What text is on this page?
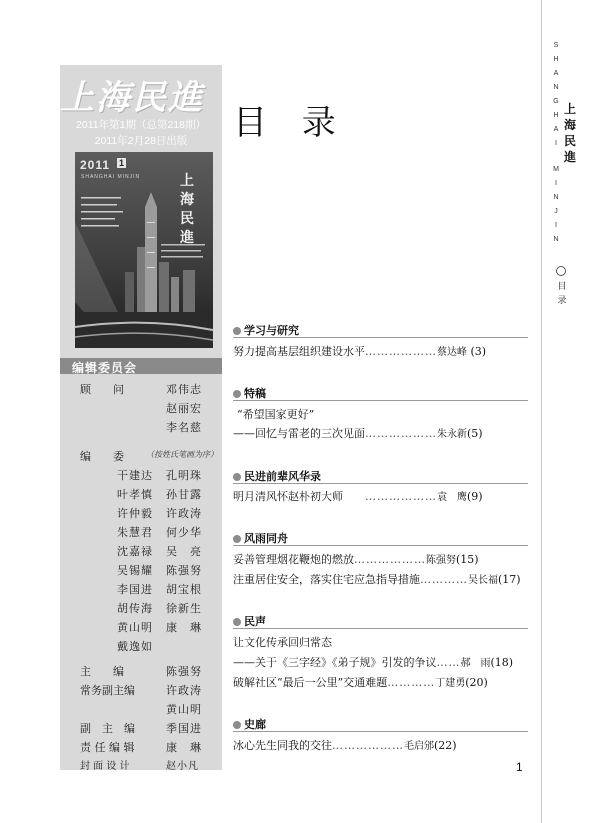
上海民進
2011年第1期（总第218期）
2011年2月28日出版
2011 1
SHANGHAI MINJIN	上
海
民
進
编辑委员会
顾　　问	邓伟志
赵丽宏
李名慈
编　　委	（按姓氏笔画为序）
干建达 孔明珠
叶孝慎 孙甘露
许仲毅 许政涛
朱慧君 何少华
沈嘉禄 吴　亮
吴锡耀 陈强努
李国进 胡宝根
胡传海 徐新生
黄山明 康　琳
戴逸如
主　　编	陈强努
常务副主编	许政涛
黄山明
副　主　编	季国进
责 任 编 辑	康　琳
封 面 设 计	赵小凡
目 录
学习与研究
努力提高基层组织建设水平………………蔡达峰 (3)
特稿
“希望国家更好”
——回忆与雷老的三次见面………………朱永新(5)
民进前辈风华录
明月清风怀赵朴初大师　　 ………………袁　鹰(9)
风雨同舟
妥善管理烟花鞭炮的燃放………………陈强努(15)
注重居住安全，落实住宅应急指导措施…………吴长福(17)
民声
让文化传承回归常态
——关于《三字经》《弟子规》引发的争议……郝　雨(18)
破解社区“最后一公里”交通难题…………丁建勇(20)
史廊
冰心先生同我的交往………………毛启邠(22)
S
H
A
N
G
H
A
I
M
I
N
J
I
N
上
海
民
進
目
录
1
